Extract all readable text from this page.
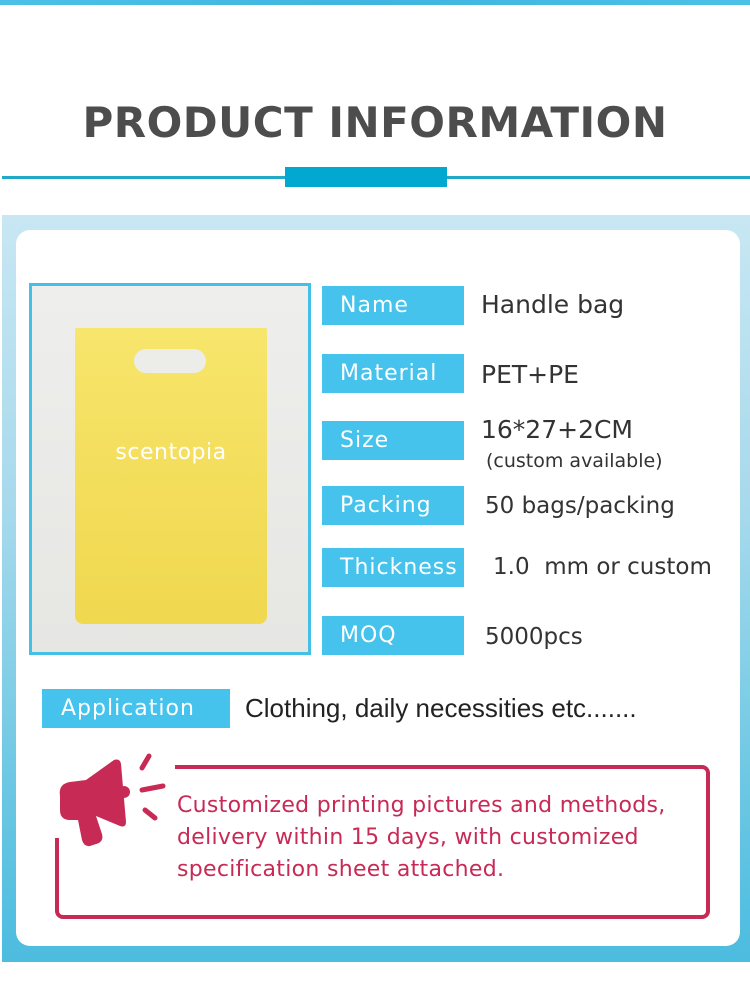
PRODUCT INFORMATION
scentopia
Name	Handle bag
Material	PET+PE
Size	16*27+2CM
(custom available)
Packing	50 bags/packing
Thickness 1.0  mm or custom
MOQ	5000pcs
Application	Clothing, daily necessities etc.......
Customized printing pictures and methods,
delivery within 15 days, with customized
specification sheet attached.
